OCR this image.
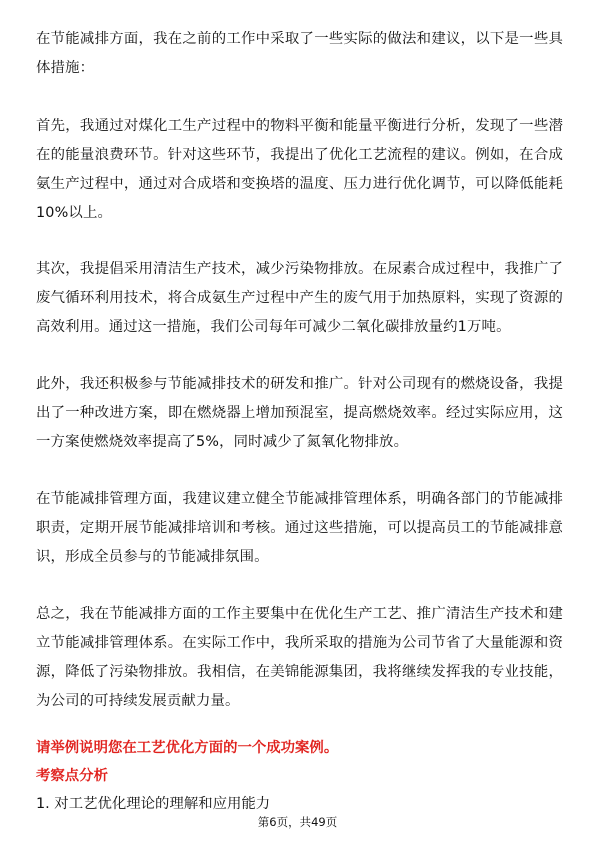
在节能减排方面，我在之前的工作中采取了一些实际的做法和建议，以下是一些具体措施：

首先，我通过对煤化工生产过程中的物料平衡和能量平衡进行分析，发现了一些潜在的能量浪费环节。针对这些环节，我提出了优化工艺流程的建议。例如，在合成氨生产过程中，通过对合成塔和变换塔的温度、压力进行优化调节，可以降低能耗10%以上。

其次，我提倡采用清洁生产技术，减少污染物排放。在尿素合成过程中，我推广了废气循环利用技术，将合成氨生产过程中产生的废气用于加热原料，实现了资源的高效利用。通过这一措施，我们公司每年可减少二氧化碳排放量约1万吨。

此外，我还积极参与节能减排技术的研发和推广。针对公司现有的燃烧设备，我提出了一种改进方案，即在燃烧器上增加预混室，提高燃烧效率。经过实际应用，这一方案使燃烧效率提高了5%，同时减少了氮氧化物排放。

在节能减排管理方面，我建议建立健全节能减排管理体系，明确各部门的节能减排职责，定期开展节能减排培训和考核。通过这些措施，可以提高员工的节能减排意识，形成全员参与的节能减排氛围。

总之，我在节能减排方面的工作主要集中在优化生产工艺、推广清洁生产技术和建立节能减排管理体系。在实际工作中，我所采取的措施为公司节省了大量能源和资源，降低了污染物排放。我相信，在美锦能源集团，我将继续发挥我的专业技能，为公司的可持续发展贡献力量。

请举例说明您在工艺优化方面的一个成功案例。
考察点分析
1. 对工艺优化理论的理解和应用能力
第6页，共49页
